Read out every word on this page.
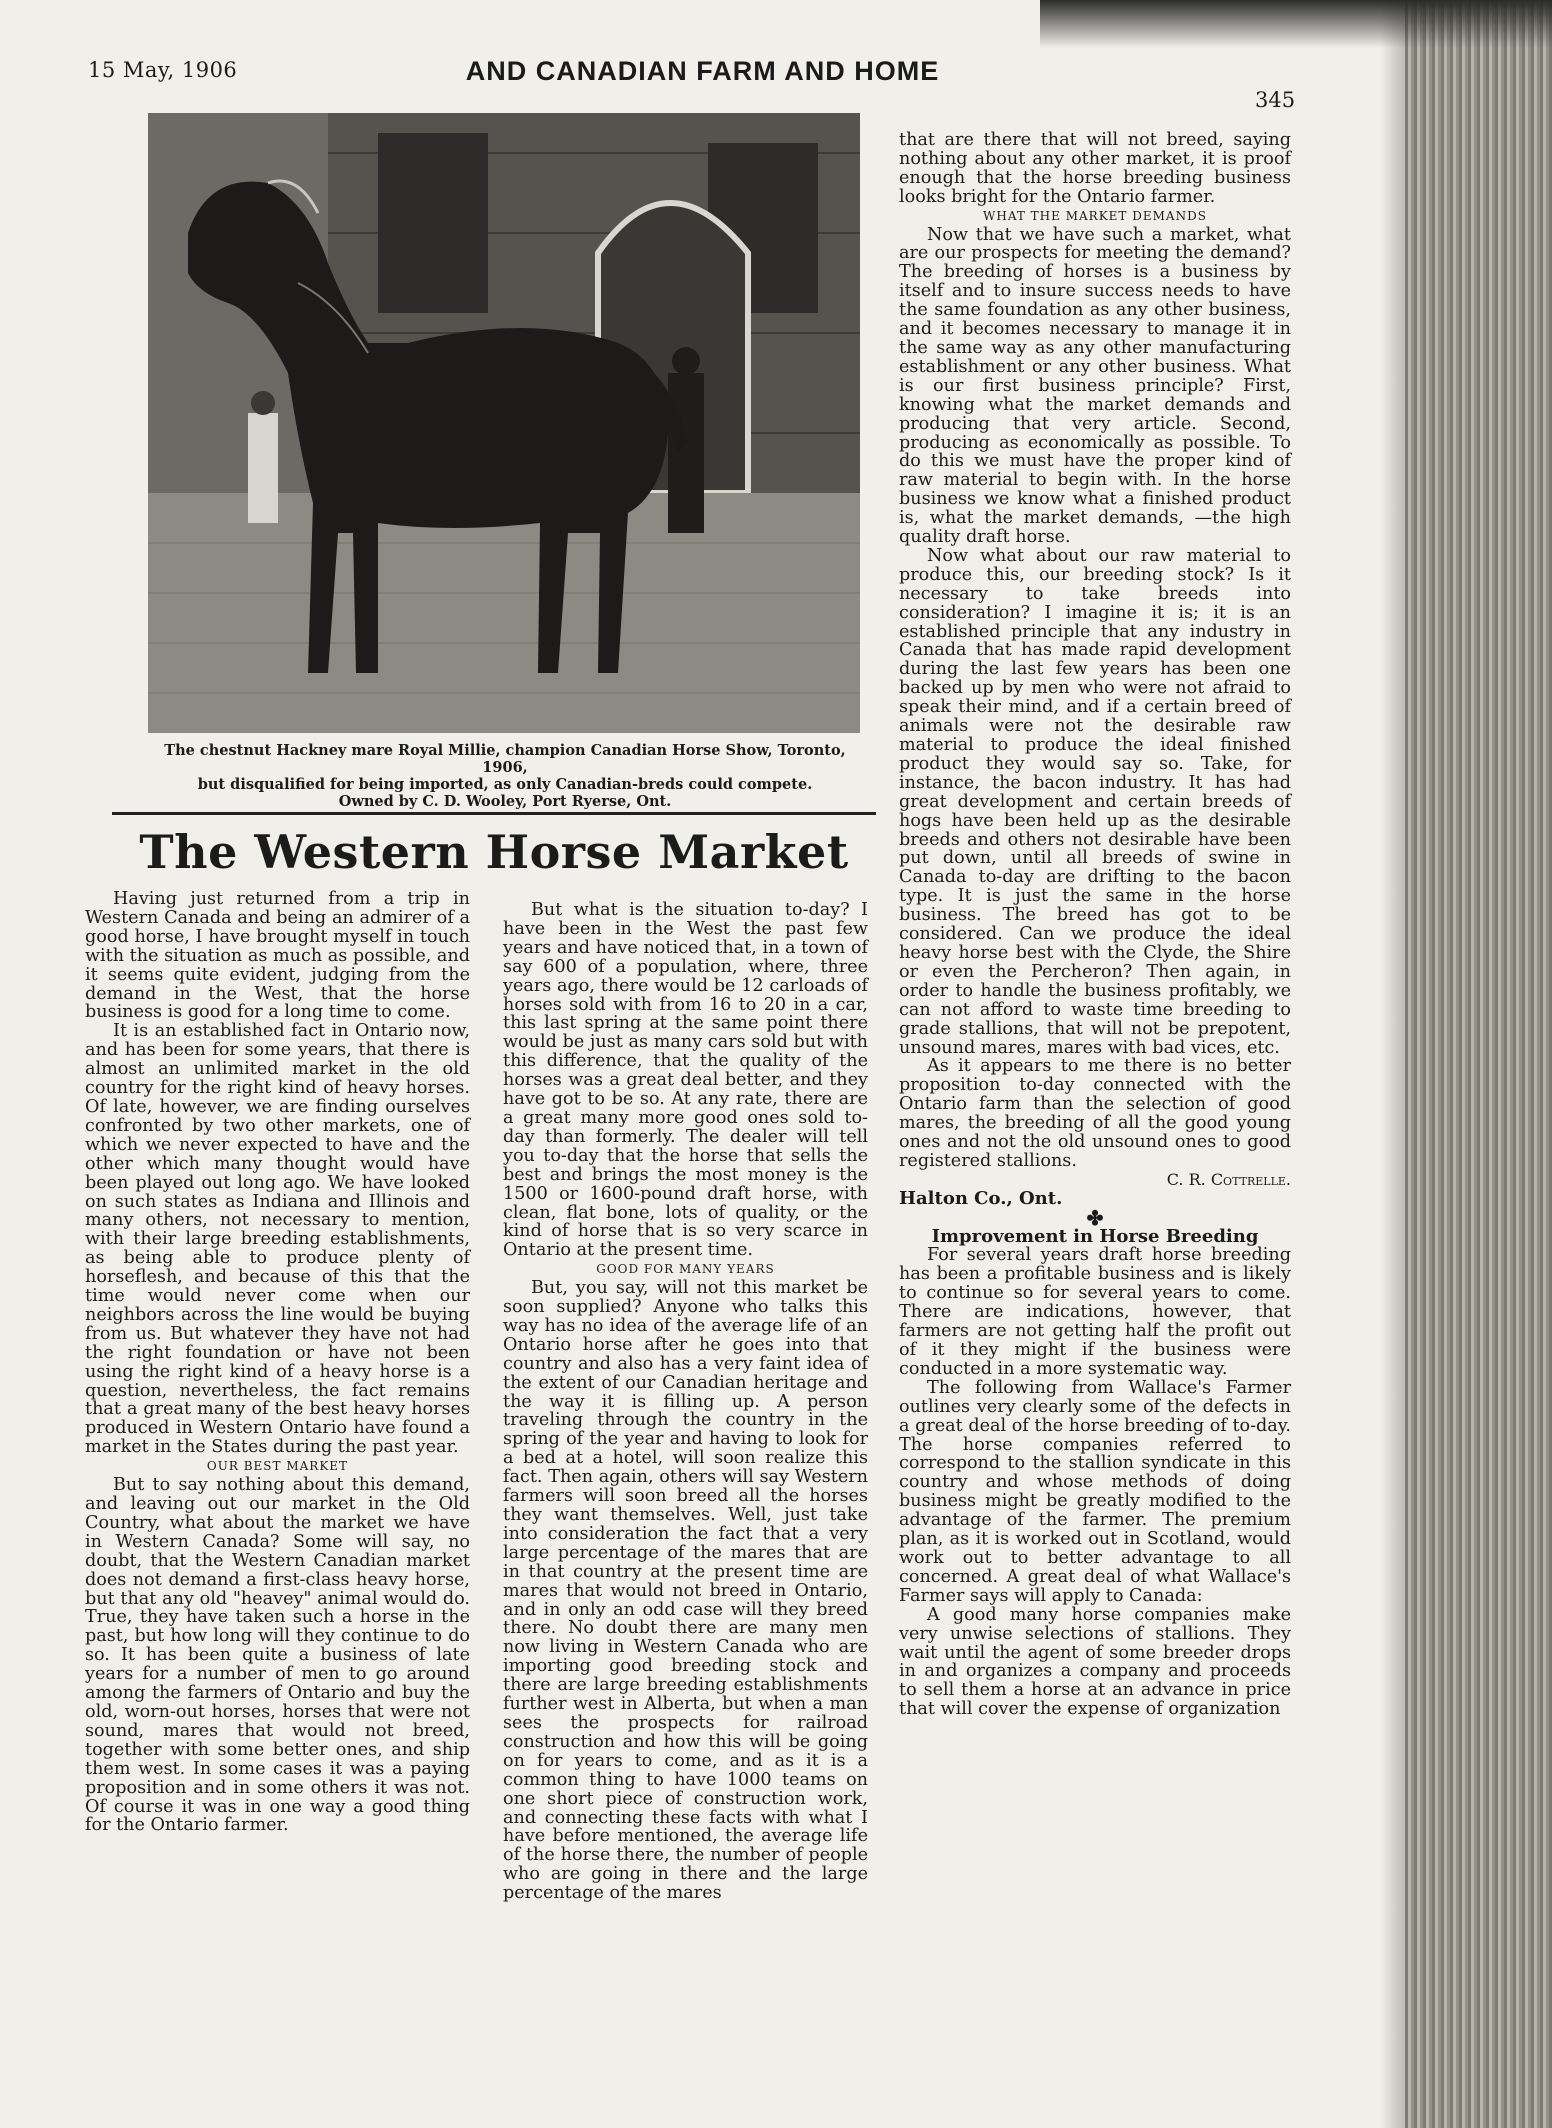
15 May, 1906	AND CANADIAN FARM AND HOME
345
The chestnut Hackney mare Royal Millie, champion Canadian Horse Show, Toronto, 1906,
but disqualified for being imported, as only Canadian-breds could compete.
Owned by C. D. Wooley, Port Ryerse, Ont.
The Western Horse Market

Having just returned from a trip in Western Canada and being an admirer of a good horse, I have brought myself in touch with the situation as much as possible, and it seems quite evident, judging from the demand in the West, that the horse business is good for a long time to come.

It is an established fact in Ontario now, and has been for some years, that there is almost an unlimited market in the old country for the right kind of heavy horses. Of late, however, we are finding ourselves confronted by two other markets, one of which we never expected to have and the other which many thought would have been played out long ago. We have looked on such states as Indiana and Illinois and many others, not necessary to mention, with their large breeding establishments, as being able to produce plenty of horseflesh, and because of this that the time would never come when our neighbors across the line would be buying from us. But whatever they have not had the right foundation or have not been using the right kind of a heavy horse is a question, nevertheless, the fact remains that a great many of the best heavy horses produced in Western Ontario have found a market in the States during the past year.

OUR BEST MARKET

But to say nothing about this demand, and leaving out our market in the Old Country, what about the market we have in Western Canada? Some will say, no doubt, that the Western Canadian market does not demand a first-class heavy horse, but that any old "heavey" animal would do. True, they have taken such a horse in the past, but how long will they continue to do so. It has been quite a business of late years for a number of men to go around among the farmers of Ontario and buy the old, worn-out horses, horses that were not sound, mares that would not breed, together with some better ones, and ship them west. In some cases it was a paying proposition and in some others it was not. Of course it was in one way a good thing for the Ontario farmer.

But what is the situation to-day? I have been in the West the past few years and have noticed that, in a town of say 600 of a population, where, three years ago, there would be 12 carloads of horses sold with from 16 to 20 in a car, this last spring at the same point there would be just as many cars sold but with this difference, that the quality of the horses was a great deal better, and they have got to be so. At any rate, there are a great many more good ones sold to-day than formerly. The dealer will tell you to-day that the horse that sells the best and brings the most money is the 1500 or 1600-pound draft horse, with clean, flat bone, lots of quality, or the kind of horse that is so very scarce in Ontario at the present time.

GOOD FOR MANY YEARS

But, you say, will not this market be soon supplied? Anyone who talks this way has no idea of the average life of an Ontario horse after he goes into that country and also has a very faint idea of the extent of our Canadian heritage and the way it is filling up. A person traveling through the country in the spring of the year and having to look for a bed at a hotel, will soon realize this fact. Then again, others will say Western farmers will soon breed all the horses they want themselves. Well, just take into consideration the fact that a very large percentage of the mares that are in that country at the present time are mares that would not breed in Ontario, and in only an odd case will they breed there. No doubt there are many men now living in Western Canada who are importing good breeding stock and there are large breeding establishments further west in Alberta, but when a man sees the prospects for railroad construction and how this will be going on for years to come, and as it is a common thing to have 1000 teams on one short piece of construction work, and connecting these facts with what I have before mentioned, the average life of the horse there, the number of people who are going in there and the large percentage of the mares

that are there that will not breed, saying nothing about any other market, it is proof enough that the horse breeding business looks bright for the Ontario farmer.

WHAT THE MARKET DEMANDS

Now that we have such a market, what are our prospects for meeting the demand? The breeding of horses is a business by itself and to insure success needs to have the same foundation as any other business, and it becomes necessary to manage it in the same way as any other manufacturing establishment or any other business. What is our first business principle? First, knowing what the market demands and producing that very article. Second, producing as economically as possible. To do this we must have the proper kind of raw material to begin with. In the horse business we know what a finished product is, what the market demands, —the high quality draft horse.

Now what about our raw material to produce this, our breeding stock? Is it necessary to take breeds into consideration? I imagine it is; it is an established principle that any industry in Canada that has made rapid development during the last few years has been one backed up by men who were not afraid to speak their mind, and if a certain breed of animals were not the desirable raw material to produce the ideal finished product they would say so. Take, for instance, the bacon industry. It has had great development and certain breeds of hogs have been held up as the desirable breeds and others not desirable have been put down, until all breeds of swine in Canada to-day are drifting to the bacon type. It is just the same in the horse business. The breed has got to be considered. Can we produce the ideal heavy horse best with the Clyde, the Shire or even the Percheron? Then again, in order to handle the business profitably, we can not afford to waste time breeding to grade stallions, that will not be prepotent, unsound mares, mares with bad vices, etc.

As it appears to me there is no better proposition to-day connected with the Ontario farm than the selection of good mares, the breeding of all the good young ones and not the old unsound ones to good registered stallions.

C. R. Cottrelle.

Halton Co., Ont.

✤

Improvement in Horse Breeding

For several years draft horse breeding has been a profitable business and is likely to continue so for several years to come. There are indications, however, that farmers are not getting half the profit out of it they might if the business were conducted in a more systematic way.

The following from Wallace's Farmer outlines very clearly some of the defects in a great deal of the horse breeding of to-day. The horse companies referred to correspond to the stallion syndicate in this country and whose methods of doing business might be greatly modified to the advantage of the farmer. The premium plan, as it is worked out in Scotland, would work out to better advantage to all concerned. A great deal of what Wallace's Farmer says will apply to Canada:

A good many horse companies make very unwise selections of stallions. They wait until the agent of some breeder drops in and organizes a company and proceeds to sell them a horse at an advance in price that will cover the expense of organization
